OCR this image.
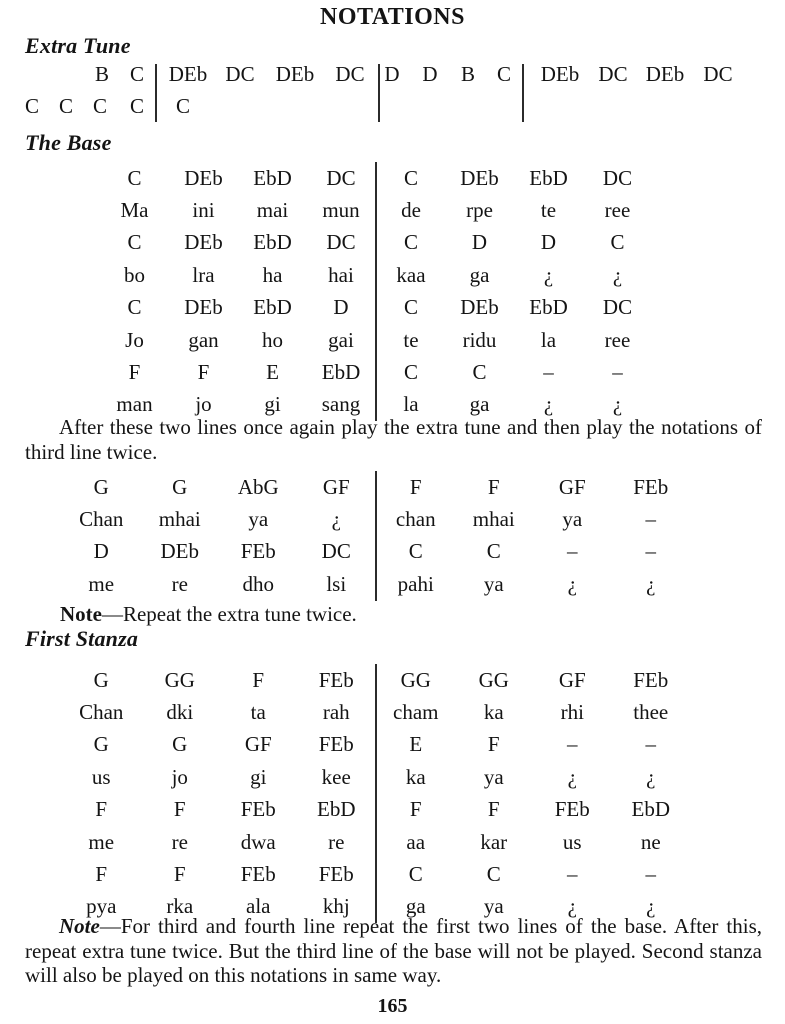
NOTATIONS
Extra Tune
B C DEb DC DEb DC D D B C DEb DC DEb DC
C C C C C
The Base
C	DEb	EbD	DC	C	DEb	EbD	DC
Ma	ini	mai	mun	de	rpe	te	ree
C	DEb	EbD	DC	C	D	D	C
bo	lra	ha	hai	kaa	ga	¿	¿
C	DEb	EbD	D	C	DEb	EbD	DC
Jo	gan	ho	gai	te	ridu	la	ree
F	F	E	EbD	C	C	–	–
man	jo	gi	sang	la	ga	¿	¿

After these two lines once again play the extra tune and then play the notations of third line twice.

G	G	AbG	GF	F	F	GF	FEb
Chan	mhai	ya	¿	chan	mhai	ya	–
D	DEb	FEb	DC	C	C	–	–
me	re	dho	lsi	pahi	ya	¿	¿

Note—Repeat the extra tune twice.

First Stanza
G	GG	F	FEb	GG	GG	GF	FEb
Chan	dki	ta	rah	cham	ka	rhi	thee
G	G	GF	FEb	E	F	–	–
us	jo	gi	kee	ka	ya	¿	¿
F	F	FEb	EbD	F	F	FEb	EbD
me	re	dwa	re	aa	kar	us	ne
F	F	FEb	FEb	C	C	–	–
pya	rka	ala	khj	ga	ya	¿	¿

Note—For third and fourth line repeat the first two lines of the base. After this, repeat extra tune twice. But the third line of the base will not be played. Second stanza will also be played on this notations in same way.

165
